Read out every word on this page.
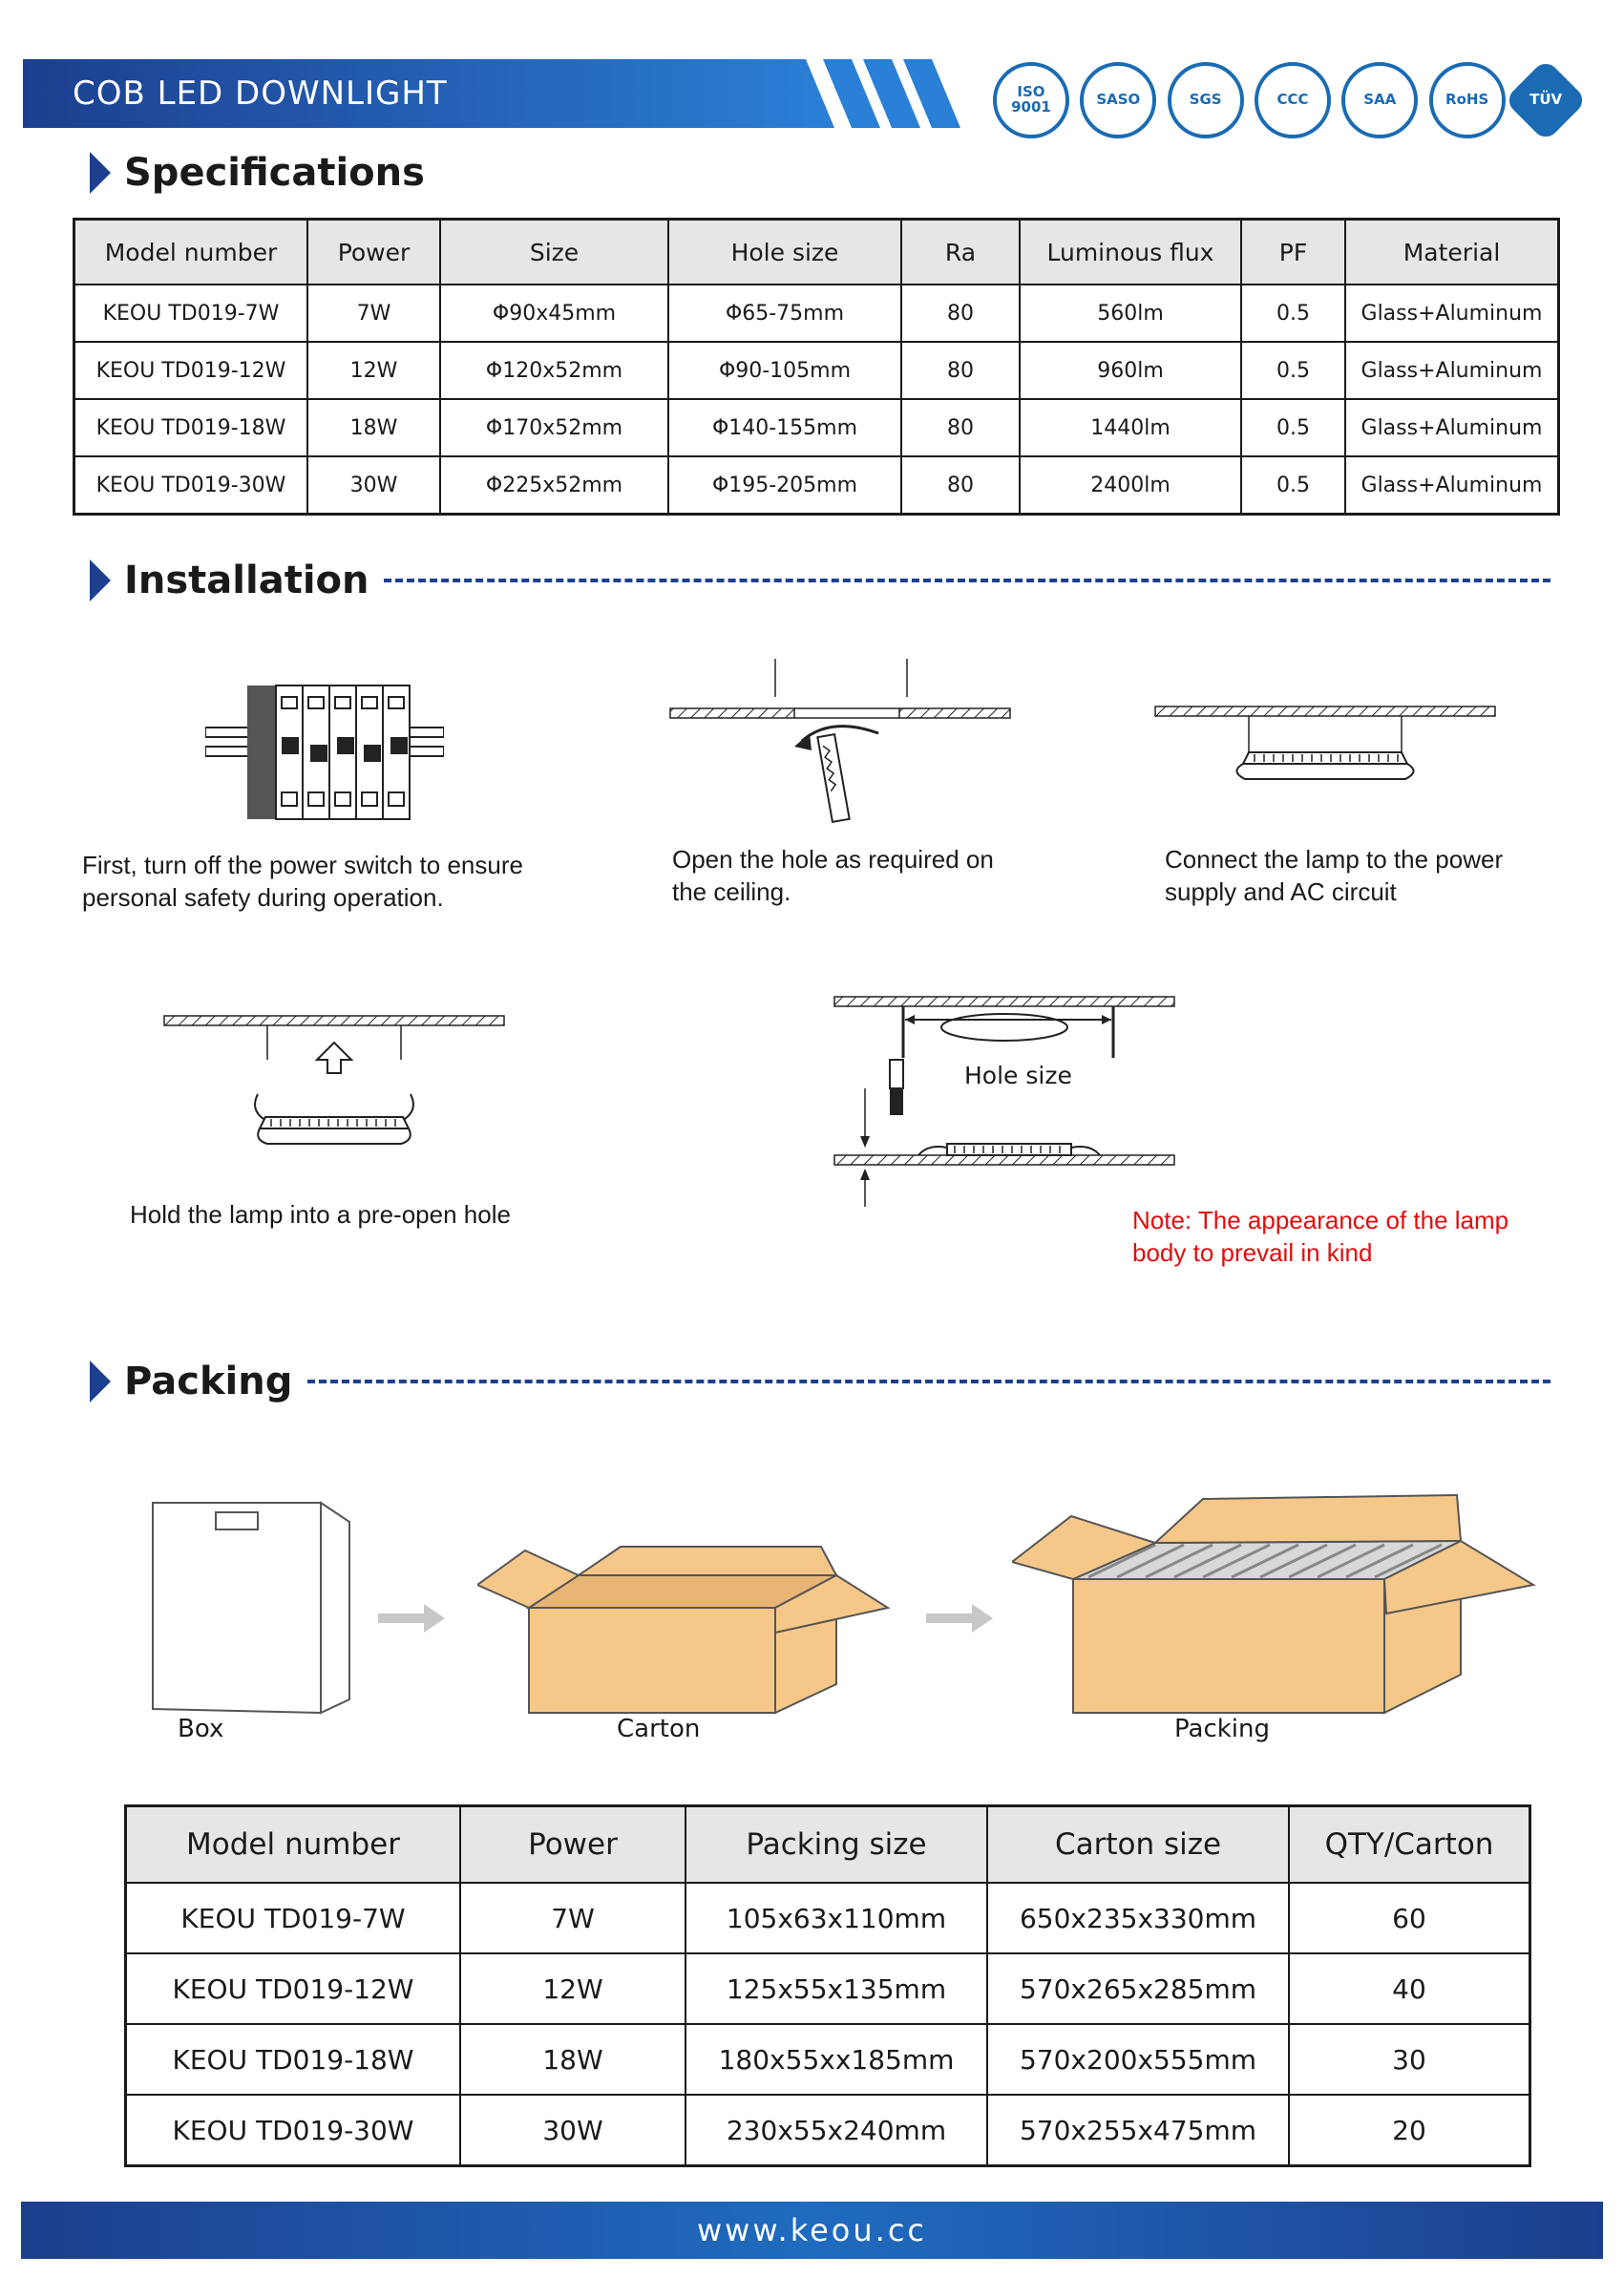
COB LED DOWNLIGHT	ISO 9001	SASO	SGS	CCC	SAA	RoHS	TÜV
Specifications
Model number	Power	Size	Hole size	Ra	Luminous flux	PF	Material
KEOU TD019-7W	7W	Φ90x45mm	Φ65-75mm	80	560lm	0.5	Glass+Aluminum
KEOU TD019-12W	12W	Φ120x52mm	Φ90-105mm	80	960lm	0.5	Glass+Aluminum
KEOU TD019-18W	18W	Φ170x52mm	Φ140-155mm	80	1440lm	0.5	Glass+Aluminum
KEOU TD019-30W	30W	Φ225x52mm	Φ195-205mm	80	2400lm	0.5	Glass+Aluminum
Installation
First, turn off the power switch to ensure personal safety during operation.
Open the hole as required on the ceiling.
Connect the lamp to the power supply and AC circuit
Hold the lamp into a pre-open hole
Hole size
Note: The appearance of the lamp body to prevail in kind
Packing
Box	Carton	Packing
Model number	Power	Packing size	Carton size	QTY/Carton
KEOU TD019-7W	7W	105x63x110mm	650x235x330mm	60
KEOU TD019-12W	12W	125x55x135mm	570x265x285mm	40
KEOU TD019-18W	18W	180x55xx185mm	570x200x555mm	30
KEOU TD019-30W	30W	230x55x240mm	570x255x475mm	20
www.keou.cc
